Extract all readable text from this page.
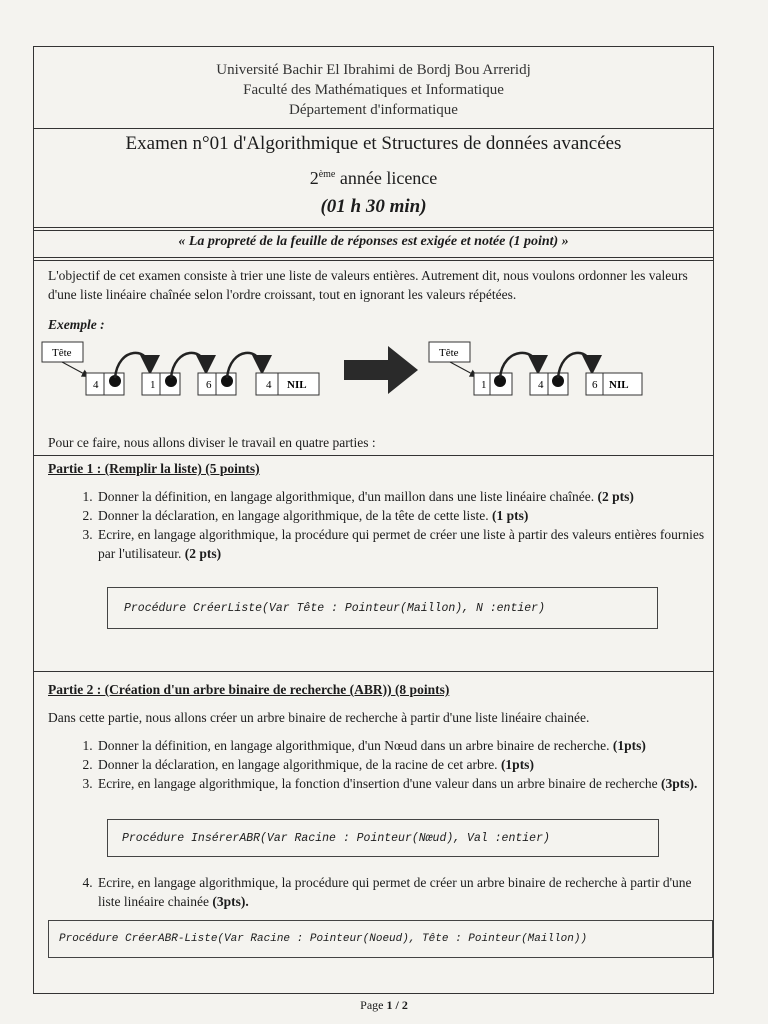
Université Bachir El Ibrahimi de Bordj Bou Arreridj
Faculté des Mathématiques et Informatique
Département d'informatique
Examen n°01 d'Algorithmique et Structures de données avancées
2ème année licence
(01 h 30 min)
« La propreté de la feuille de réponses est exigée et notée (1 point) »
L'objectif de cet examen consiste à trier une liste de valeurs entières. Autrement dit, nous voulons ordonner les valeurs d'une liste linéaire chaînée selon l'ordre croissant, tout en ignorant les valeurs répétées.
Exemple :
Tête
4	1	6	4 NIL
Tête
1	4	6 NIL
Pour ce faire, nous allons diviser le travail en quatre parties :
Partie 1 : (Remplir la liste) (5 points)
1. Donner la définition, en langage algorithmique, d'un maillon dans une liste linéaire chaînée. (2 pts)
2. Donner la déclaration, en langage algorithmique, de la tête de cette liste. (1 pts)
3. Ecrire, en langage algorithmique, la procédure qui permet de créer une liste à partir des valeurs entières fournies par l'utilisateur. (2 pts)
Procédure CréerListe(Var Tête : Pointeur(Maillon), N :entier)
Partie 2 : (Création d'un arbre binaire de recherche (ABR)) (8 points)
Dans cette partie, nous allons créer un arbre binaire de recherche à partir d'une liste linéaire chainée.
1. Donner la définition, en langage algorithmique, d'un Nœud dans un arbre binaire de recherche. (1pts)
2. Donner la déclaration, en langage algorithmique, de la racine de cet arbre. (1pts)
3. Ecrire, en langage algorithmique, la fonction d'insertion d'une valeur dans un arbre binaire de recherche (3pts).
Procédure InsérerABR(Var Racine : Pointeur(Nœud), Val :entier)
4. Ecrire, en langage algorithmique, la procédure qui permet de créer un arbre binaire de recherche à partir d'une liste linéaire chainée (3pts).
Procédure CréerABR-Liste(Var Racine : Pointeur(Noeud), Tête : Pointeur(Maillon))
Page 1 / 2
